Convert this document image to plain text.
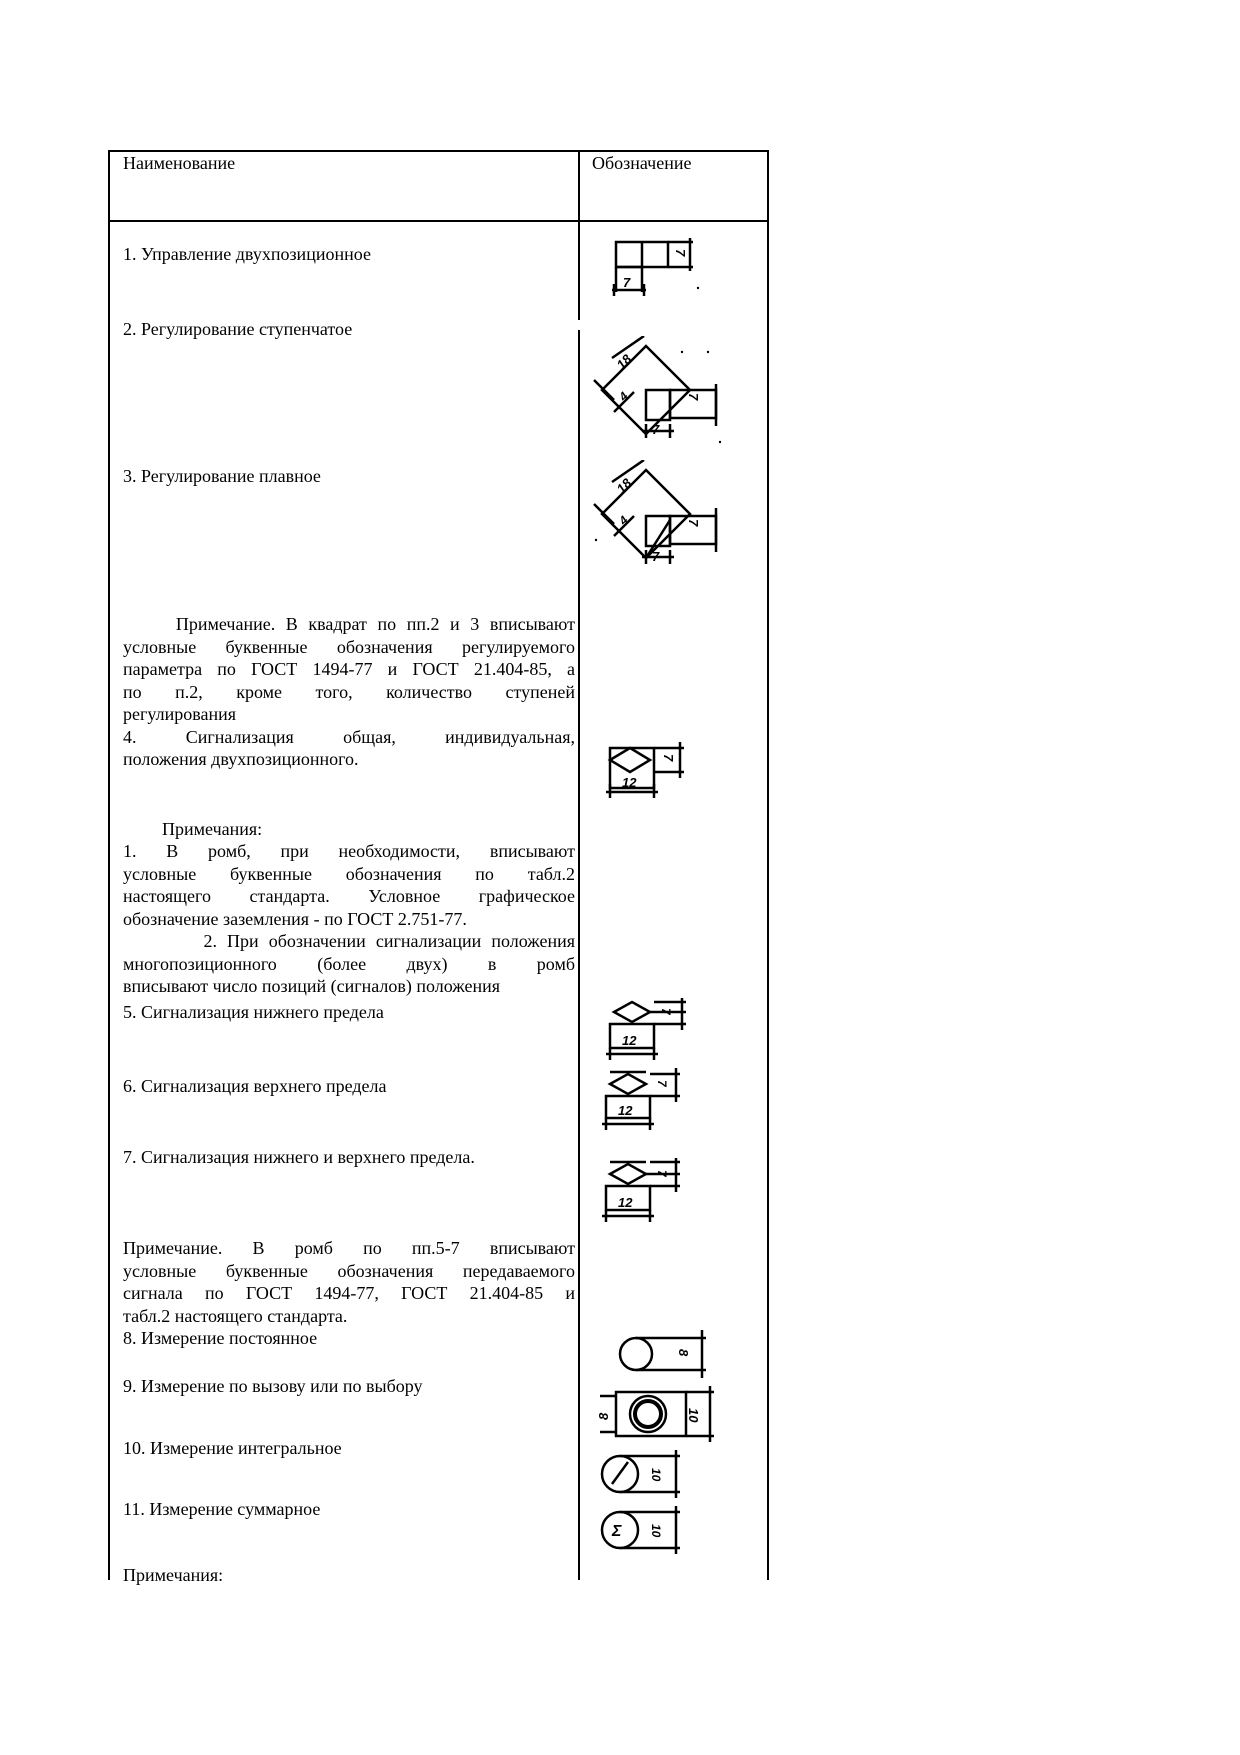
Наименование	Обозначение
1. Управление двухпозиционное
2. Регулирование ступенчатое
3. Регулирование плавное
Примечание. В квадрат по пп.2 и 3 вписывают
условные буквенные обозначения регулируемого
параметра по ГОСТ 1494-77 и ГОСТ 21.404-85, а
по п.2, кроме того, количество ступеней
регулирования
4. Сигнализация общая, индивидуальная,
положения двухпозиционного.
Примечания:
1. В ромб, при необходимости, вписывают
условные буквенные обозначения по табл.2
настоящего стандарта. Условное графическое
обозначение заземления - по ГОСТ 2.751-77.
2. При обозначении сигнализации положения
многопозиционного (более двух) в ромб
вписывают число позиций (сигналов) положения
5. Сигнализация нижнего предела
6. Сигнализация верхнего предела
7. Сигнализация нижнего и верхнего предела.
Примечание. В ромб по пп.5-7 вписывают
условные буквенные обозначения передаваемого
сигнала по ГОСТ 1494-77, ГОСТ 21.404-85 и
табл.2 настоящего стандарта.
8. Измерение постоянное
9. Измерение по вызову или по выбору
10. Измерение интегральное
11. Измерение суммарное
Примечания:
7
7
18
4
7
7
18
4
7
7
7
12
7
12
7
12
7
12
8
10
8
10
Σ 10
